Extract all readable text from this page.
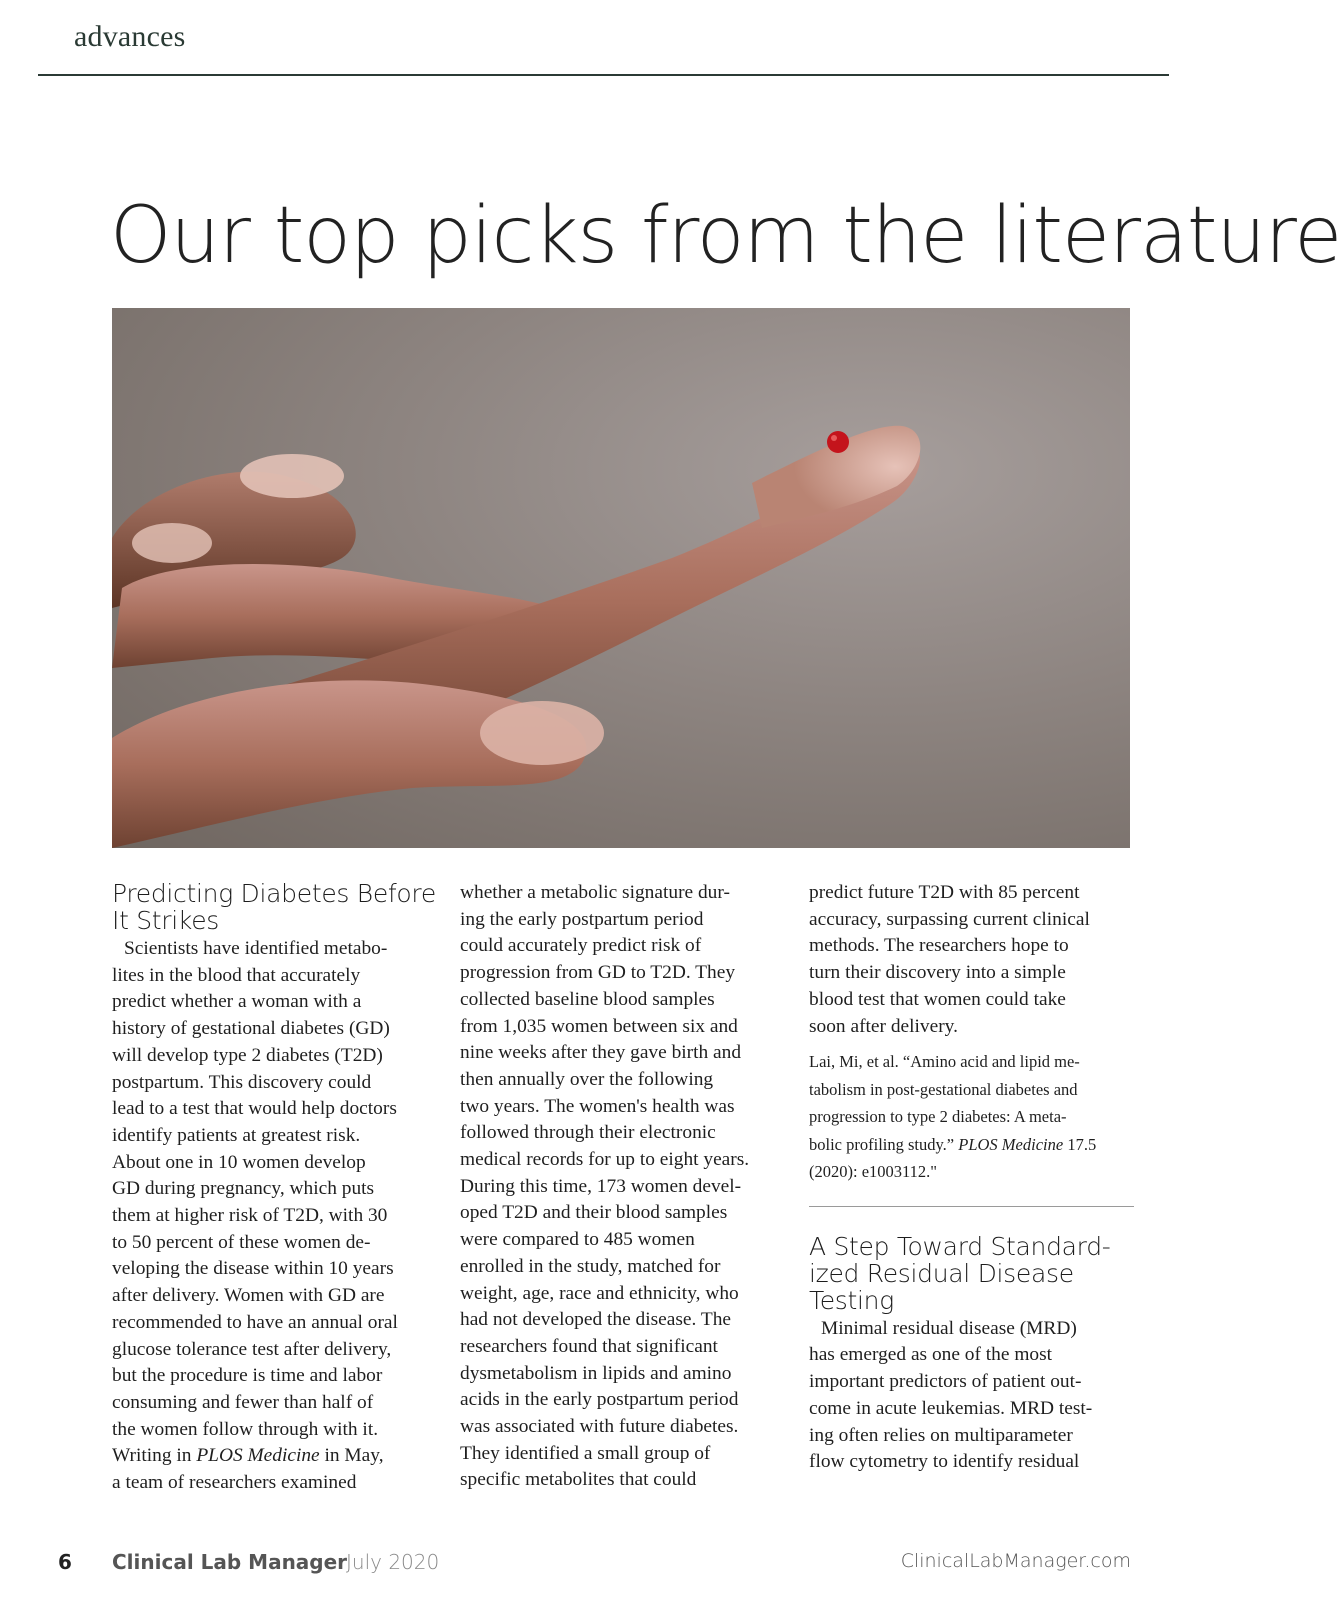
advances
Our top picks from the literature
Predicting Diabetes Before
It Strikes

Scientists have identified metabo-
lites in the blood that accurately
predict whether a woman with a
history of gestational diabetes (GD)
will develop type 2 diabetes (T2D)
postpartum. This discovery could
lead to a test that would help doctors
identify patients at greatest risk.
About one in 10 women develop
GD during pregnancy, which puts
them at higher risk of T2D, with 30
to 50 percent of these women de-
veloping the disease within 10 years
after delivery. Women with GD are
recommended to have an annual oral
glucose tolerance test after delivery,
but the procedure is time and labor
consuming and fewer than half of
the women follow through with it.
Writing in PLOS Medicine in May,
a team of researchers examined

whether a metabolic signature dur-
ing the early postpartum period
could accurately predict risk of
progression from GD to T2D. They
collected baseline blood samples
from 1,035 women between six and
nine weeks after they gave birth and
then annually over the following
two years. The women's health was
followed through their electronic
medical records for up to eight years.
During this time, 173 women devel-
oped T2D and their blood samples
were compared to 485 women
enrolled in the study, matched for
weight, age, race and ethnicity, who
had not developed the disease. The
researchers found that significant
dysmetabolism in lipids and amino
acids in the early postpartum period
was associated with future diabetes.
They identified a small group of
specific metabolites that could

predict future T2D with 85 percent
accuracy, surpassing current clinical
methods. The researchers hope to
turn their discovery into a simple
blood test that women could take
soon after delivery.

Lai, Mi, et al. “Amino acid and lipid me-
tabolism in post-gestational diabetes and
progression to type 2 diabetes: A meta-
bolic profiling study.” PLOS Medicine 17.5
(2020): e1003112."
A Step Toward Standard-
ized Residual Disease
Testing

Minimal residual disease (MRD)
has emerged as one of the most
important predictors of patient out-
come in acute leukemias. MRD test-
ing often relies on multiparameter
flow cytometry to identify residual

6 Clinical Lab Manager
July 2020	ClinicalLabManager.com
